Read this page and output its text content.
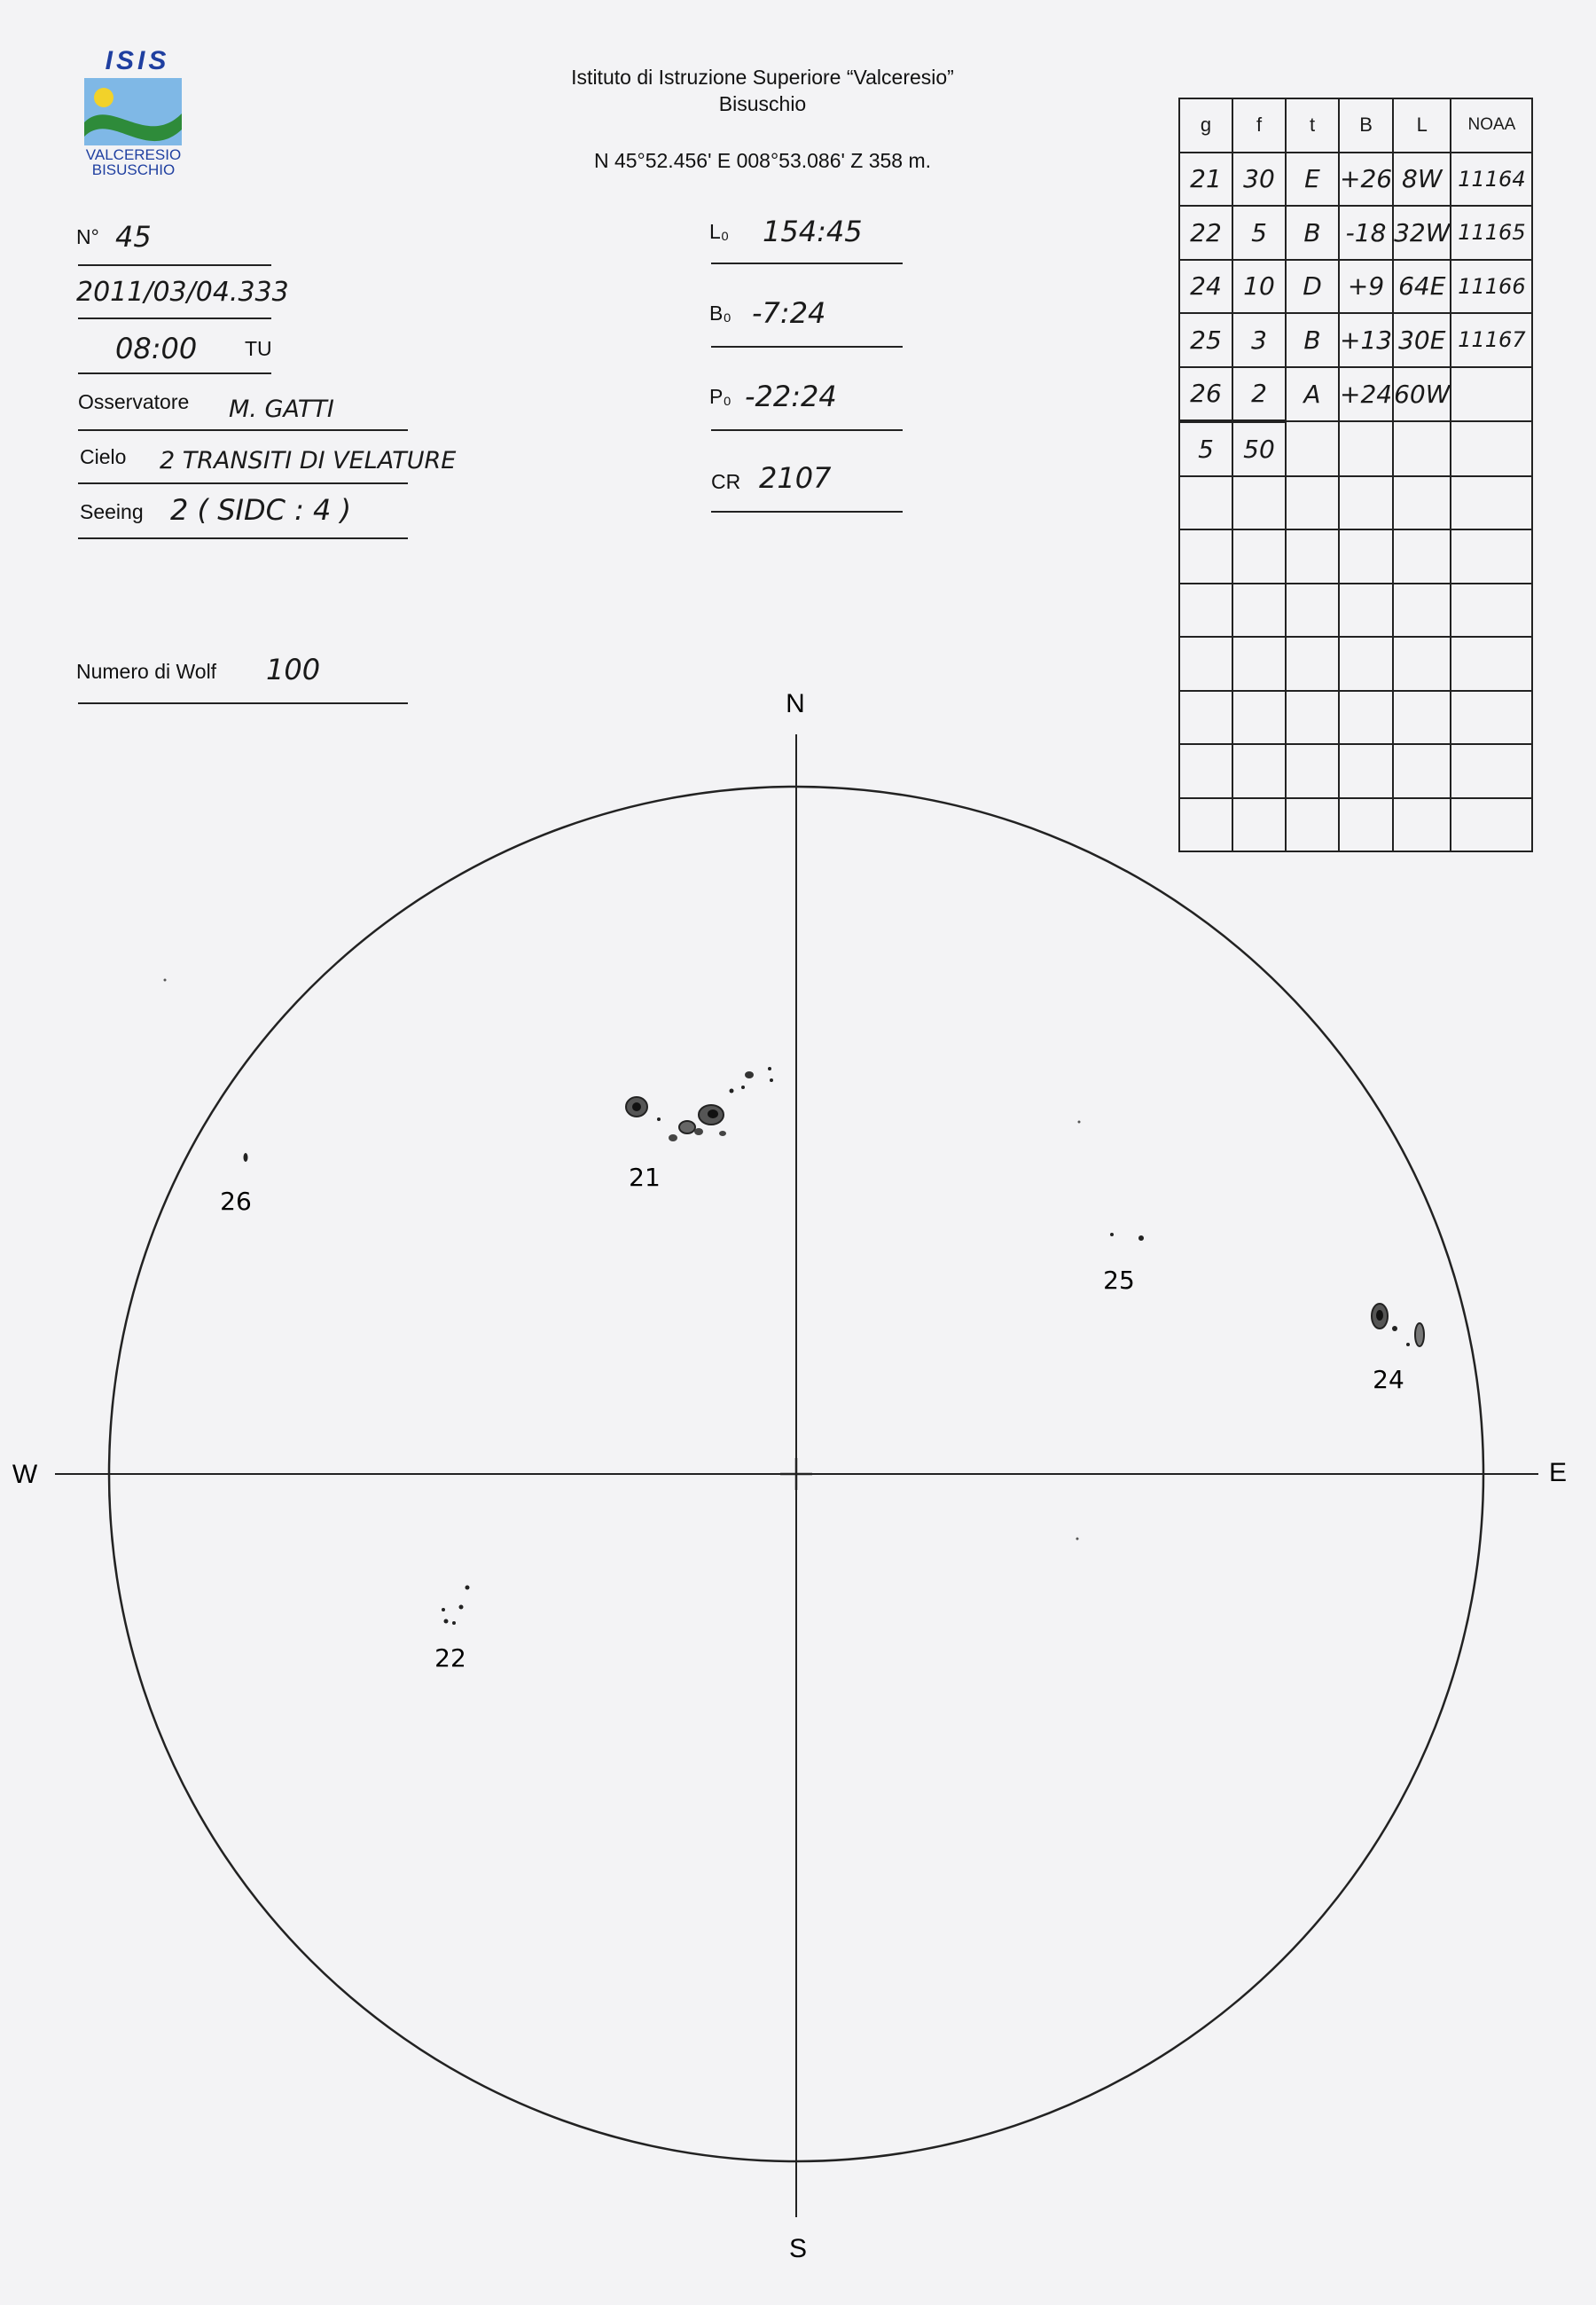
ISIS
VALCERESIO
BISUSCHIO
Istituto di Istruzione Superiore “Valceresio”
Bisuschio
N 45°52.456' E 008°53.086' Z 358 m.
N° 45
2011/03/04.333
08:00 TU
Osservatore M. GATTI
Cielo 2 TRANSITI DI VELATURE
Seeing 2 ( SIDC : 4 )
Numero di Wolf 100
L₀ 154:45
B₀ -7:24
P₀ -22:24
CR 2107
g	f	t	B	L	NOAA
21	30	E	+26	8W	11164
22	5	B	-18	32W	11165
24	10	D	+9	64E	11166
25	3	B	+13	30E	11167
26	2	A	+24	60W	
5	50				

N
S
E
W
21
22
24
25
26
